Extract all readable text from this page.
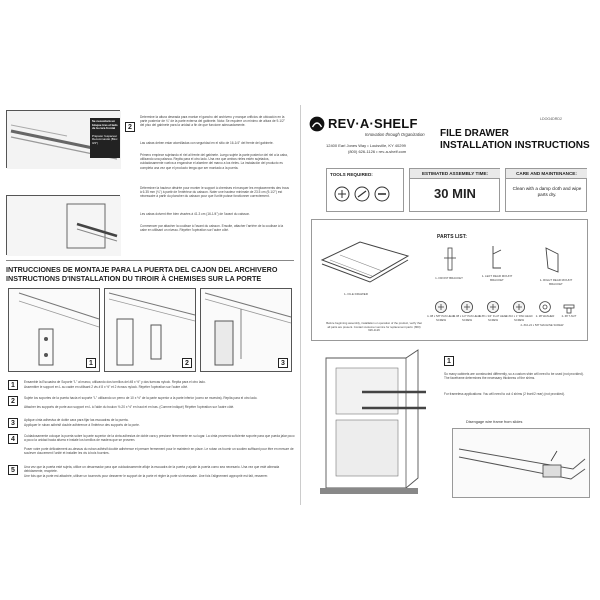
Se necesitará un bloque tras el lado de la cara frontal
Préparer l'espaceur Recommandé (Bloc 3/4")
2
Determine la altura deseada para montar el gancho del archivero y marque orificios de ubicación en la parte posterior de ¼" de la parte externa del gabinete. Nota: Se requiere un mínimo de altura de 9-1/2" del piso del gabinete para la unidad a fin de que funcione adecuadamente.
Las cabas deben estar atornilladas con seguridad en el sitio de 16-1/4" del frente del gabinete.
Primero empiece sujetando el riel al frente del gabinete. Luego sujete la parte posterior del riel a la caba, utilizando una palanca. Repita para el otro lado. Una vez que ambos rieles estén sujetados, cuidadosamente vuelva a enganchar el alambre del marco a los rieles. La instalación del producto es completa una vez que el producto tenga que ser montado a la puerta.
Déterminer la hauteur désirée pour monter le support à chemises et marquer les emplacements des trous à 6.35 mm (¼") à partir de l'extérieur du caisson. Noter une hauteur minimale de 23.5 cm (9-1/2") est nécessaire à partir du plancher du caisson pour que l'unité puisse fonctionner correctement.
Les cabas doivent être bien vissées à 41.3 cm (16-1/4") de l'avant du caisson.
Commencer par attacher la coulisse à l'avant du caisson. Ensuite, attacher l'arrière de la coulisse à la cabe en utilisant un niveau. Répéter l'opération sur l'autre côté.
INTRUCCIONES DE MONTAJE PARA LA PUERTA DEL CAJON DEL ARCHIVERO
INSTRUCTIONS D'INSTALLATION DU TIROIR À CHEMISES SUR LA PORTE
1	2	3
1	Ensamble la Escuadra de Soporte "L" al marco, utilizando dos tornillos del #8 x ½" y dos tuercas nylock. Repita para el otro lado.
Assembler le support en L au cadre en utilisant 2 vis # 8 x ½" et 2 écrous nylock. Répéter l'opération sur l'autre côté.
2	Sujete los soportes de la puerta hacia el soporte "L" utilizando un perno de 10 x ½" de la parte superior a la parte inferior (como se muestra). Repita para el otro lado.
Attacher les supports de porte aux support en L à l'aide du boulon ½-20 x ½" en haut et en bas. (Comme indiqué) Répéter l'opération sur l'autre côté.
3	Aplique cinta adhesiva de doble cara para fijar las escuadras de la puerta.
Appliquer le ruban adhésif double adhérence à l'intérieur des supports de la porte.
4	Cuidadosamente coloque la puerta sobre la parte superior de la cinta adhesiva de doble cara y presione firmemente en su lugar. La cinta proveerá suficiente soporte para que pueda jalar poco a poco la unidad hacia afuera e instale los tornillos de madera que se proveen.
Poser votre porte délicatement au-dessus du ruban adhésif double adhérence et presser fermement pour le maintenir en place. Le ruban va fournir un soutien suffisant pour être en mesure de soulever doucement l'unité et installer les vis à bois fournies.
5	Una vez que la puerta esté sujeta, utilice un desarmador para que cuidadosamente afloje la escuadra de la puerta y ajuste la puerta como sea necesario. Una vez que esté alineada debidamente, reapriete.
Une fois que la porte est attachée, utiliser un tournevis pour desserrer le support de la porte et régler la porte si nécessaire. Une fois l'alignement approprié est fait, resserrer.
LDOG4DRD2
REV·A·SHELF
Innovation through Organization
12400 Earl Jones Way • Louisville, KY 40299
(800) 626-1126 • rev-a-shelf.com
FILE DRAWER
INSTALLATION INSTRUCTIONS
TOOLS REQUIRED:	ESTIMATED ASSEMBLY TIME:
30 MIN
CARE AND MAINTENANCE:
Clean with a damp cloth and wipe parts dry.
PARTS LIST:
1- FILE DRAWER
1- FRONT BRACKET	1- LEFT REAR MOUNT BRACKET	1- RIGHT REAR MOUNT BRACKET
4- #8 x 5/8" PAN HEAD SCREW
4- #8 x 1/2" PAN HEAD SCREW
4- #8 x 3/4" FLAT HEAD SCREW
4- #10 x 1" PAN HEAD SCREW
2- #8 WASHER	2- #8 T-NUT
2- #10-24 x 5/8" MACHINE SCREW
Before beginning assembly, installation or operation of the product, verify that all parts are present. Contact customer service for replacement parts: (800) 626-1126
1
So many cabinets are constructed differently, so a custom shim will need to be used (not provided). The faceframe determines the necessary thickness of the shims.
For frameless applications: You will need to cut 4 shims (2 front/2 rear) (not provided).
Disengage wire frame from slides
